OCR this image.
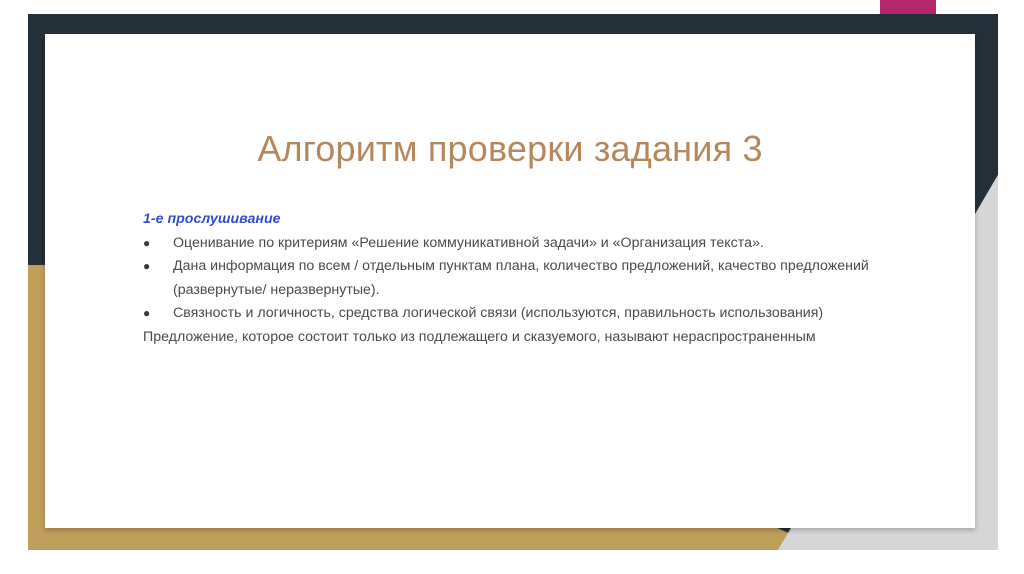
Алгоритм проверки задания 3

1-е прослушивание

● Оценивание по критериям «Решение коммуникативной задачи» и «Организация текста».
● Дана информация по всем / отдельным пунктам плана, количество предложений, качество предложений (развернутые/ неразвернутые).
● Связность и логичность, средства логической связи (используются, правильность использования)

Предложение, которое состоит только из подлежащего и сказуемого, называют нераспространенным
